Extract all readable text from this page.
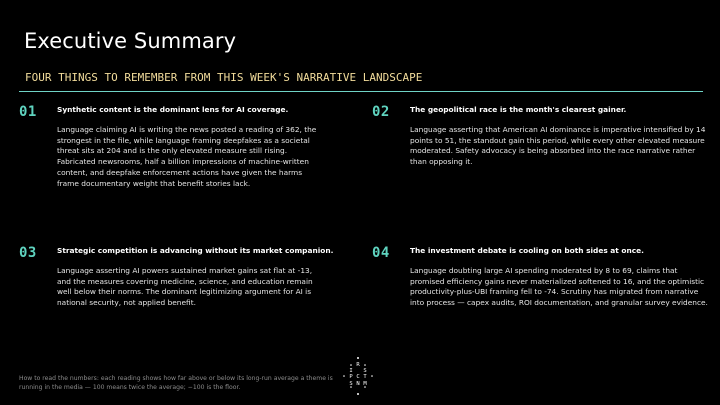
Executive Summary
FOUR THINGS TO REMEMBER FROM THIS WEEK'S NARRATIVE LANDSCAPE
01	Synthetic content is the dominant lens for AI coverage.
Language claiming AI is writing the news posted a reading of 362, the strongest in the file, while language framing deepfakes as a societal threat sits at 204 and is the only elevated measure still rising. Fabricated newsrooms, half a billion impressions of machine-written content, and deepfake enforcement actions have given the harms frame documentary weight that benefit stories lack.
02	The geopolitical race is the month's clearest gainer.
Language asserting that American AI dominance is imperative intensified by 14 points to 51, the standout gain this period, while every other elevated measure moderated. Safety advocacy is being absorbed into the race narrative rather than opposing it.
03	Strategic competition is advancing without its market companion.
Language asserting AI powers sustained market gains sat flat at -13, and the measures covering medicine, science, and education remain well below their norms. The dominant legitimizing argument for AI is national security, not applied benefit.
04	The investment debate is cooling on both sides at once.
Language doubting large AI spending moderated by 8 to 69, claims that promised efficiency gains never materialized softened to 16, and the optimistic productivity-plus-UBI framing fell to -74. Scrutiny has migrated from narrative into process — capex audits, ROI documentation, and granular survey evidence.
How to read the numbers: each reading shows how far above or below its long-run average a theme is running in the media — 100 means twice the average; −100 is the floor.
R
I S
P C T
S N M
